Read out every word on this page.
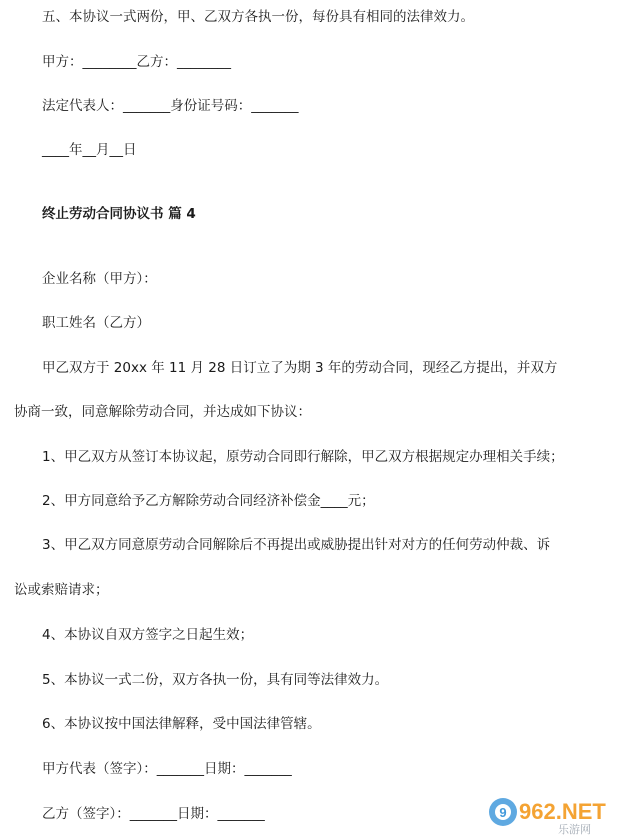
五、本协议一式两份，甲、乙双方各执一份，每份具有相同的法律效力。
甲方：________乙方：________
法定代表人：_______身份证号码：_______
____年__月__日
终止劳动合同协议书 篇 4
企业名称（甲方）：
职工姓名（乙方）
甲乙双方于 20xx 年 11 月 28 日订立了为期 3 年的劳动合同，现经乙方提出，并双方
协商一致，同意解除劳动合同，并达成如下协议：
1、甲乙双方从签订本协议起，原劳动合同即行解除，甲乙双方根据规定办理相关手续；
2、甲方同意给予乙方解除劳动合同经济补偿金____元；
3、甲乙双方同意原劳动合同解除后不再提出或威胁提出针对对方的任何劳动仲裁、诉
讼或索赔请求；
4、本协议自双方签字之日起生效；
5、本协议一式二份，双方各执一份，具有同等法律效力。
6、本协议按中国法律解释，受中国法律管辖。
甲方代表（签字）：_______日期：_______
乙方（签字）：_______日期：_______	9 962.NET
乐游网
